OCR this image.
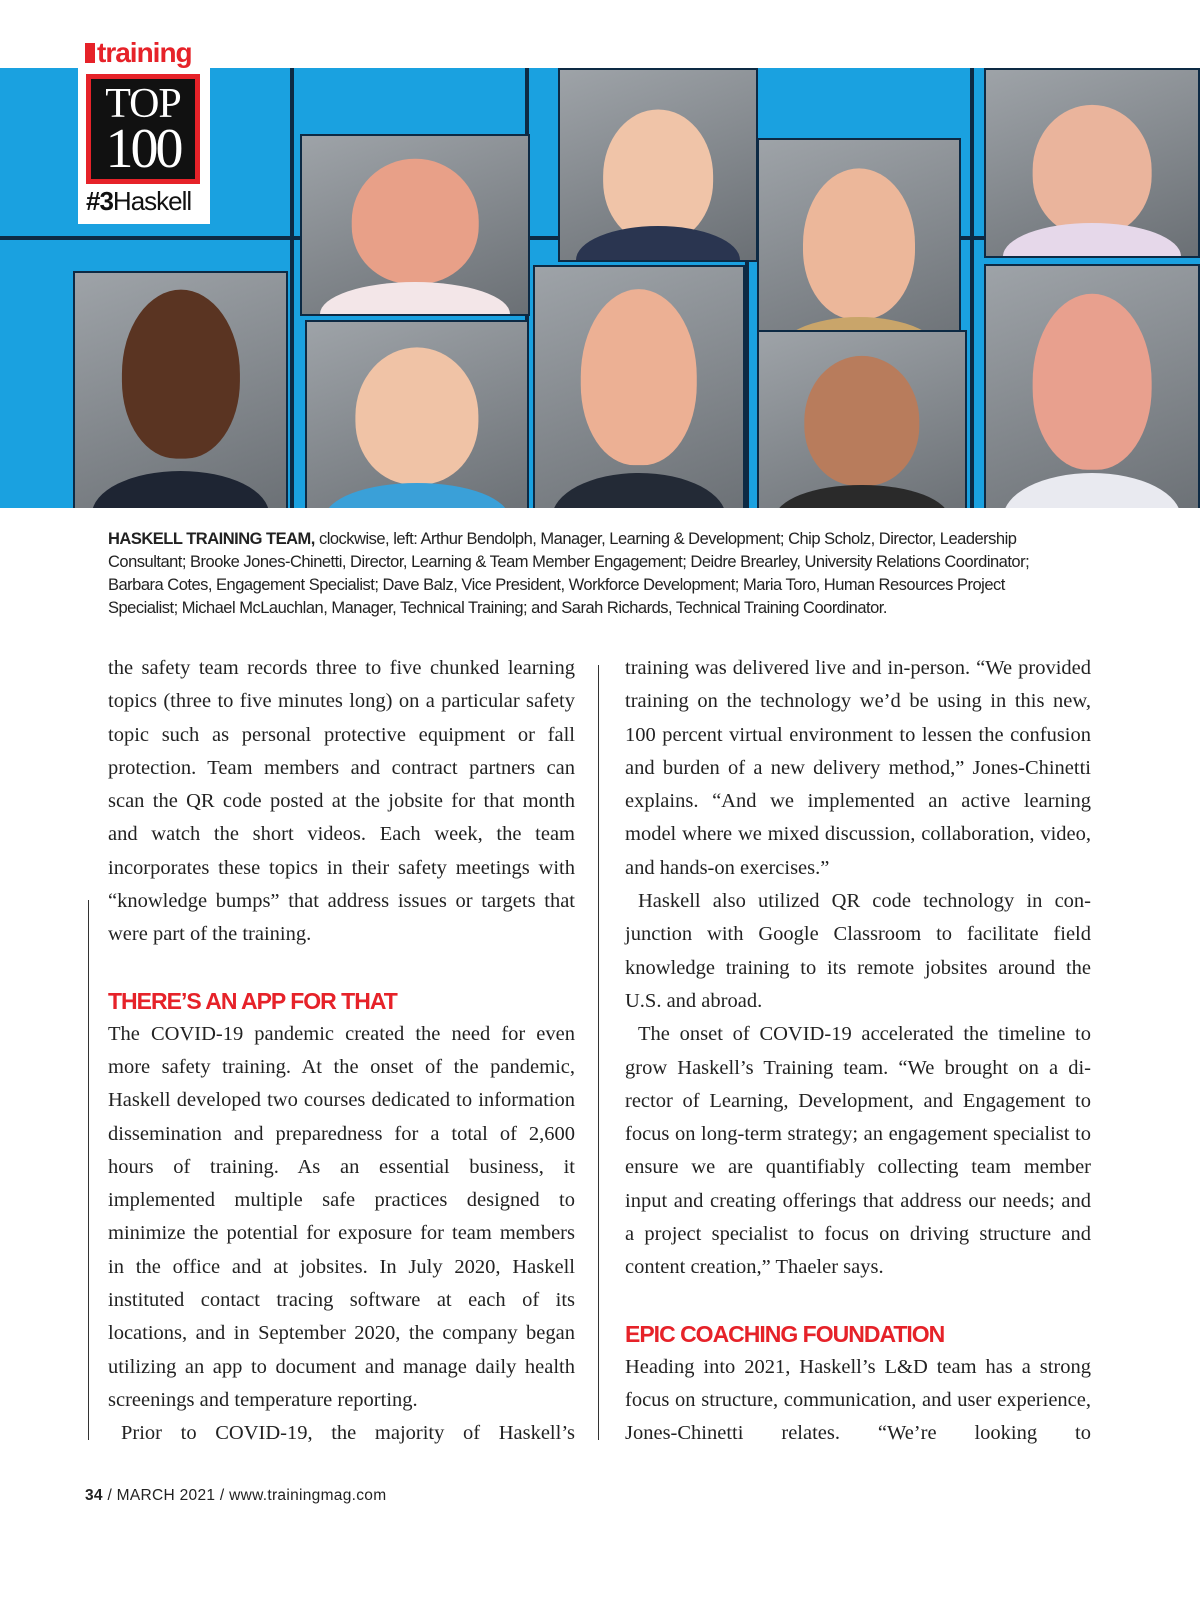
training
TOP
100
#3Haskell
HASKELL TRAINING TEAM, clockwise, left: Arthur Bendolph, Manager, Learning & Development; Chip Scholz, Director, Leadership Consultant; Brooke Jones-Chinetti, Director, Learning & Team Member Engagement; Deidre Brearley, University Relations Coordinator; Barbara Cotes, Engagement Specialist; Dave Balz, Vice President, Workforce Development; Maria Toro, Human Resources Project Specialist; Michael McLauchlan, Manager, Technical Training; and Sarah Richards, Technical Training Coordinator.

the safety team records three to five chunked learning topics (three to five minutes long) on a particular safety topic such as personal protective equipment or fall protection. Team members and contract partners can scan the QR code posted at the jobsite for that month and watch the short videos. Each week, the team incorporates these topics in their safety meetings with “knowledge bumps” that address issues or targets that were part of the training.

THERE’S AN APP FOR THAT

The COVID-19 pandemic created the need for even more safety training. At the onset of the pandemic, Haskell developed two courses dedicated to information dissemination and preparedness for a total of 2,600 hours of training. As an essential business, it implemented multiple safe practices designed to minimize the potential for exposure for team members in the office and at jobsites. In July 2020, Haskell instituted contact tracing software at each of its locations, and in September 2020, the company began utilizing an app to document and manage daily health screenings and temperature reporting.

Prior to COVID-19, the majority of Haskell’s

training was delivered live and in-person. “We provided training on the technology we’d be using in this new, 100 percent virtual environment to lessen the confusion and burden of a new delivery method,” Jones-Chinetti explains. “And we implemented an active learning model where we mixed discussion, collaboration, video, and hands-on exercises.”

Haskell also utilized QR code technology in conjunction with Google Classroom to facilitate field knowledge training to its remote jobsites around the U.S. and abroad.

The onset of COVID-19 accelerated the timeline to grow Haskell’s Training team. “We brought on a director of Learning, Development, and Engagement to focus on long-term strategy; an engagement specialist to ensure we are quantifiably collecting team member input and creating offerings that address our needs; and a project specialist to focus on driving structure and content creation,” Thaeler says.

EPIC COACHING FOUNDATION

Heading into 2021, Haskell’s L&D team has a strong focus on structure, communication, and user experience, Jones-Chinetti relates. “We’re looking to

34 / MARCH 2021 / www.trainingmag.com
